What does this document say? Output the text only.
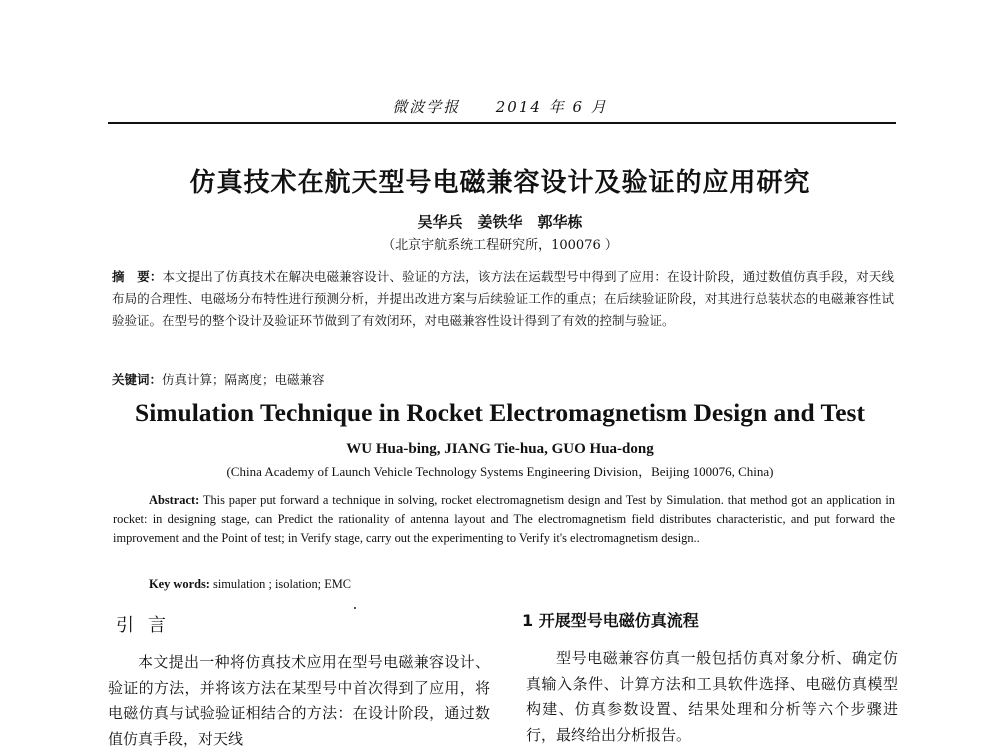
微波学报 2014 年 6 月
仿真技术在航天型号电磁兼容设计及验证的应用研究
吴华兵　姜铁华　郭华栋
（北京宇航系统工程研究所，100076 ）
摘　要：本文提出了仿真技术在解决电磁兼容设计、验证的方法，该方法在运载型号中得到了应用：在设计阶段，通过数值仿真手段，对天线布局的合理性、电磁场分布特性进行预测分析，并提出改进方案与后续验证工作的重点；在后续验证阶段，对其进行总装状态的电磁兼容性试验验证。在型号的整个设计及验证环节做到了有效闭环，对电磁兼容性设计得到了有效的控制与验证。
关键词：仿真计算；隔离度；电磁兼容
Simulation Technique in Rocket Electromagnetism Design and Test
WU Hua-bing, JIANG Tie-hua, GUO Hua-dong
(China Academy of Launch Vehicle Technology Systems Engineering Division，Beijing 100076, China)
Abstract: This paper put forward a technique in solving, rocket electromagnetism design and Test by Simulation. that method got an application in rocket: in designing stage, can Predict the rationality of antenna layout and The electromagnetism field distributes characteristic, and put forward the improvement and the Point of test; in Verify stage, carry out the experimenting to Verify it's electromagnetism design..
Key words: simulation ; isolation; EMC
引言	1 开展型号电磁仿真流程
本文提出一种将仿真技术应用在型号电磁兼容设计、验证的方法，并将该方法在某型号中首次得到了应用，将电磁仿真与试验验证相结合的方法：在设计阶段，通过数值仿真手段，对天线
型号电磁兼容仿真一般包括仿真对象分析、确定仿真输入条件、计算方法和工具软件选择、电磁仿真模型构建、仿真参数设置、结果处理和分析等六个步骤进行，最终给出分析报告。
